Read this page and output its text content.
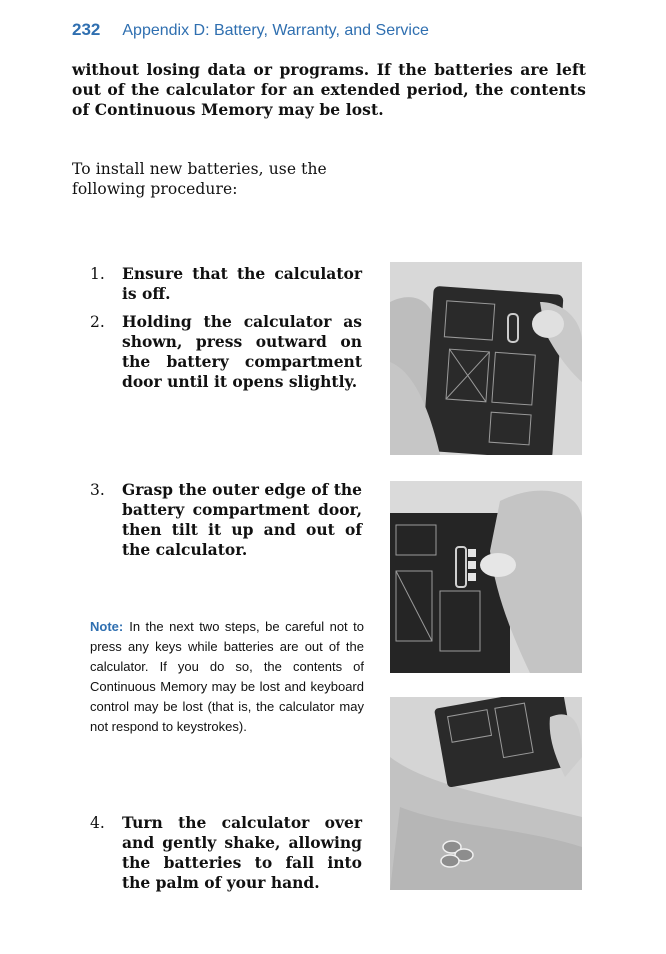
232 Appendix D: Battery, Warranty, and Service
without losing data or programs. If the batteries are left out of the calculator for an extended period, the contents of Continuous Memory may be lost.
To install new batteries, use the following procedure:
1. Ensure that the calculator is off.
2. Holding the calculator as shown, press outward on the battery compartment door until it opens slightly.
3. Grasp the outer edge of the battery compartment door, then tilt it up and out of the calculator.
Note: In the next two steps, be careful not to press any keys while batteries are out of the calculator. If you do so, the contents of Continuous Memory may be lost and keyboard control may be lost (that is, the calculator may not respond to keystrokes).
4. Turn the calculator over and gently shake, allowing the batteries to fall into the palm of your hand.
